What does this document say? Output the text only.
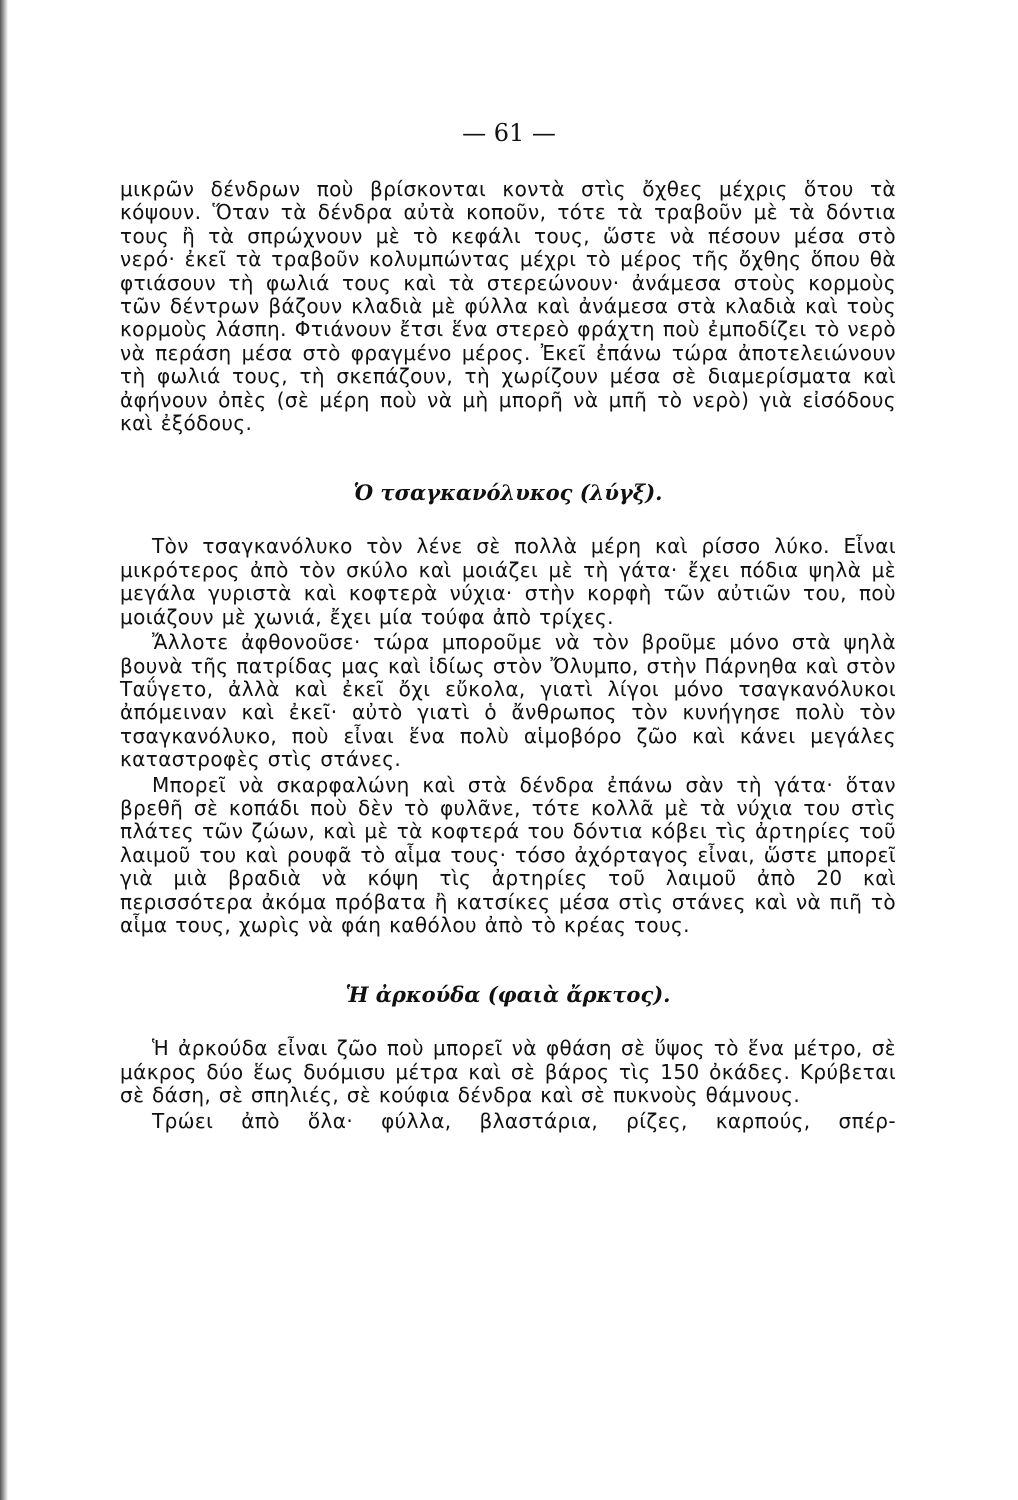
— 61 —

μικρῶν δένδρων ποὺ βρίσκονται κοντὰ στὶς ὄχθες μέχρις ὅτου τὰ κόψουν. Ὅταν τὰ δένδρα αὐτὰ κοποῦν, τότε τὰ τραβοῦν μὲ τὰ δόντια τους ἢ τὰ σπρώχνουν μὲ τὸ κεφάλι τους, ὥστε νὰ πέσουν μέσα στὸ νερό· ἐκεῖ τὰ τραβοῦν κολυμπώντας μέχρι τὸ μέρος τῆς ὄχθης ὅπου θὰ φτιάσουν τὴ φωλιά τους καὶ τὰ στερεώνουν· ἀνάμεσα στοὺς κορμοὺς τῶν δέντρων βάζουν κλαδιὰ μὲ φύλλα καὶ ἀνάμεσα στὰ κλαδιὰ καὶ τοὺς κορμοὺς λάσπη. Φτιάνουν ἔτσι ἕνα στερεὸ φράχτη ποὺ ἐμποδίζει τὸ νερὸ νὰ περάση μέσα στὸ φραγμένο μέρος. Ἐκεῖ ἐπάνω τώρα ἀποτελειώνουν τὴ φωλιά τους, τὴ σκεπάζουν, τὴ χωρίζουν μέσα σὲ διαμερίσματα καὶ ἀφήνουν ὀπὲς (σὲ μέρη ποὺ νὰ μὴ μπορῆ νὰ μπῆ τὸ νερὸ) γιὰ εἰσόδους καὶ ἐξόδους.

Ὁ τσαγκανόλυκος (λύγξ).

Τὸν τσαγκανόλυκο τὸν λένε σὲ πολλὰ μέρη καὶ ρίσσο λύκο. Εἶναι μικρότερος ἀπὸ τὸν σκύλο καὶ μοιάζει μὲ τὴ γάτα· ἔχει πόδια ψηλὰ μὲ μεγάλα γυριστὰ καὶ κοφτερὰ νύχια· στὴν κορφὴ τῶν αὐτιῶν του, ποὺ μοιάζουν μὲ χωνιά, ἔχει μία τούφα ἀπὸ τρίχες.

Ἄλλοτε ἀφθονοῦσε· τώρα μποροῦμε νὰ τὸν βροῦμε μόνο στὰ ψηλὰ βουνὰ τῆς πατρίδας μας καὶ ἰδίως στὸν Ὄλυμπο, στὴν Πάρνηθα καὶ στὸν Ταΰγετο, ἀλλὰ καὶ ἐκεῖ ὄχι εὔκολα, γιατὶ λίγοι μόνο τσαγκανόλυκοι ἀπόμειναν καὶ ἐκεῖ· αὐτὸ γιατὶ ὁ ἄνθρωπος τὸν κυνήγησε πολὺ τὸν τσαγκανόλυκο, ποὺ εἶναι ἕνα πολὺ αἱμοβόρο ζῶο καὶ κάνει μεγάλες καταστροφὲς στὶς στάνες.

Μπορεῖ νὰ σκαρφαλώνη καὶ στὰ δένδρα ἐπάνω σὰν τὴ γάτα· ὅταν βρεθῆ σὲ κοπάδι ποὺ δὲν τὸ φυλᾶνε, τότε κολλᾶ μὲ τὰ νύχια του στὶς πλάτες τῶν ζώων, καὶ μὲ τὰ κοφτερά του δόντια κόβει τὶς ἀρτηρίες τοῦ λαιμοῦ του καὶ ρουφᾶ τὸ αἷμα τους· τόσο ἀχόρταγος εἶναι, ὥστε μπορεῖ γιὰ μιὰ βραδιὰ νὰ κόψη τὶς ἀρτηρίες τοῦ λαιμοῦ ἀπὸ 20 καὶ περισσότερα ἀκόμα πρόβατα ἢ κατσίκες μέσα στὶς στάνες καὶ νὰ πιῆ τὸ αἷμα τους, χωρὶς νὰ φάη καθόλου ἀπὸ τὸ κρέας τους.

Ἡ ἀρκούδα (φαιὰ ἄρκτος).

Ἡ ἀρκούδα εἶναι ζῶο ποὺ μπορεῖ νὰ φθάση σὲ ὕψος τὸ ἕνα μέτρο, σὲ μάκρος δύο ἕως δυόμισυ μέτρα καὶ σὲ βάρος τὶς 150 ὀκάδες. Κρύβεται σὲ δάση, σὲ σπηλιές, σὲ κούφια δένδρα καὶ σὲ πυκνοὺς θάμνους.

Τρώει ἀπὸ ὅλα· φύλλα, βλαστάρια, ρίζες, καρπούς, σπέρ-
